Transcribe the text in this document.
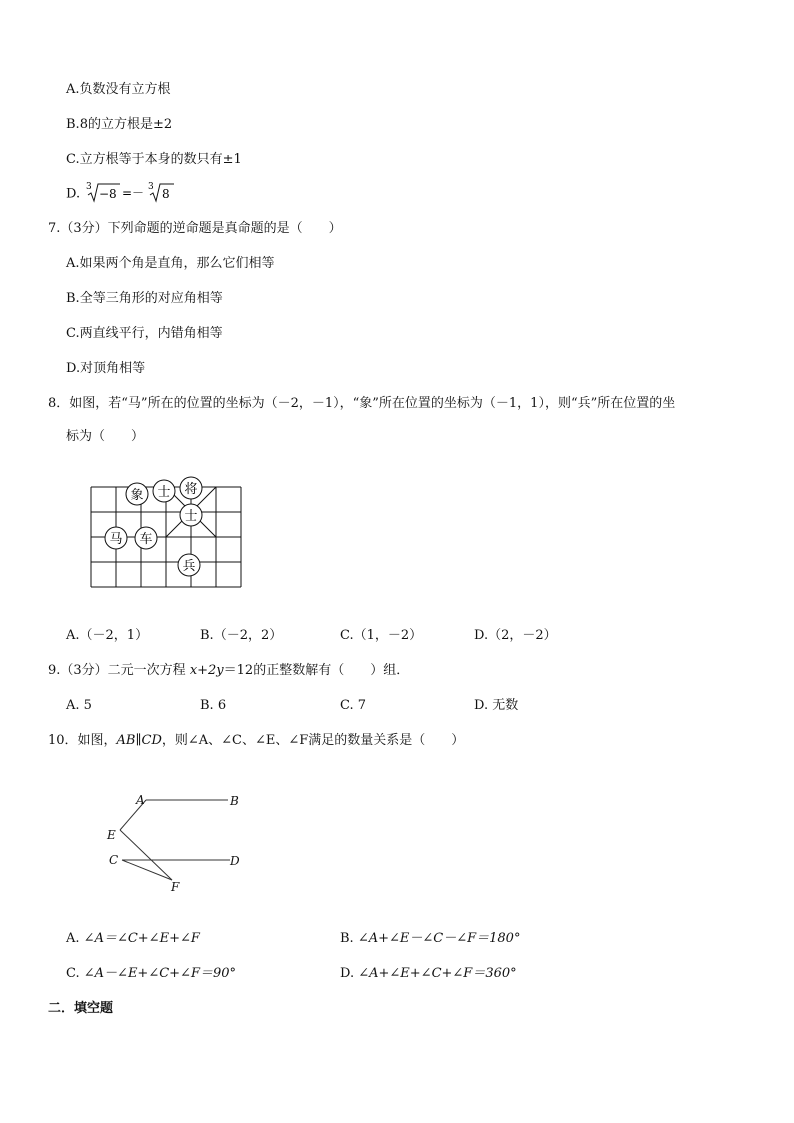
A.负数没有立方根
B.8的立方根是±2
C.立方根等于本身的数只有±1
D. 3 −8 =－ 3 8
7.（3分）下列命题的逆命题是真命题的是（　　）
A.如果两个角是直角，那么它们相等
B.全等三角形的对应角相等
C.两直线平行，内错角相等
D.对顶角相等
8．如图，若“马”所在的位置的坐标为（－2，－1），“象”所在位置的坐标为（－1，1），则“兵”所在位置的坐
标为（　　）
象 士 将
士
马 车
兵
A.（－2，1）	B.（－2，2）	C.（1，－2）	D.（2，－2）
9.（3分）二元一次方程 x+2y＝12的正整数解有（　　）组．
A. 5	B. 6	C. 7	D. 无数
10．如图，AB∥CD，则∠A、∠C、∠E、∠F满足的数量关系是（　　）
A	B
E
C	D
F
A. ∠A＝∠C+∠E+∠F	B. ∠A+∠E－∠C－∠F＝180°
C. ∠A－∠E+∠C+∠F＝90°	D. ∠A+∠E+∠C+∠F＝360°
二．填空题
